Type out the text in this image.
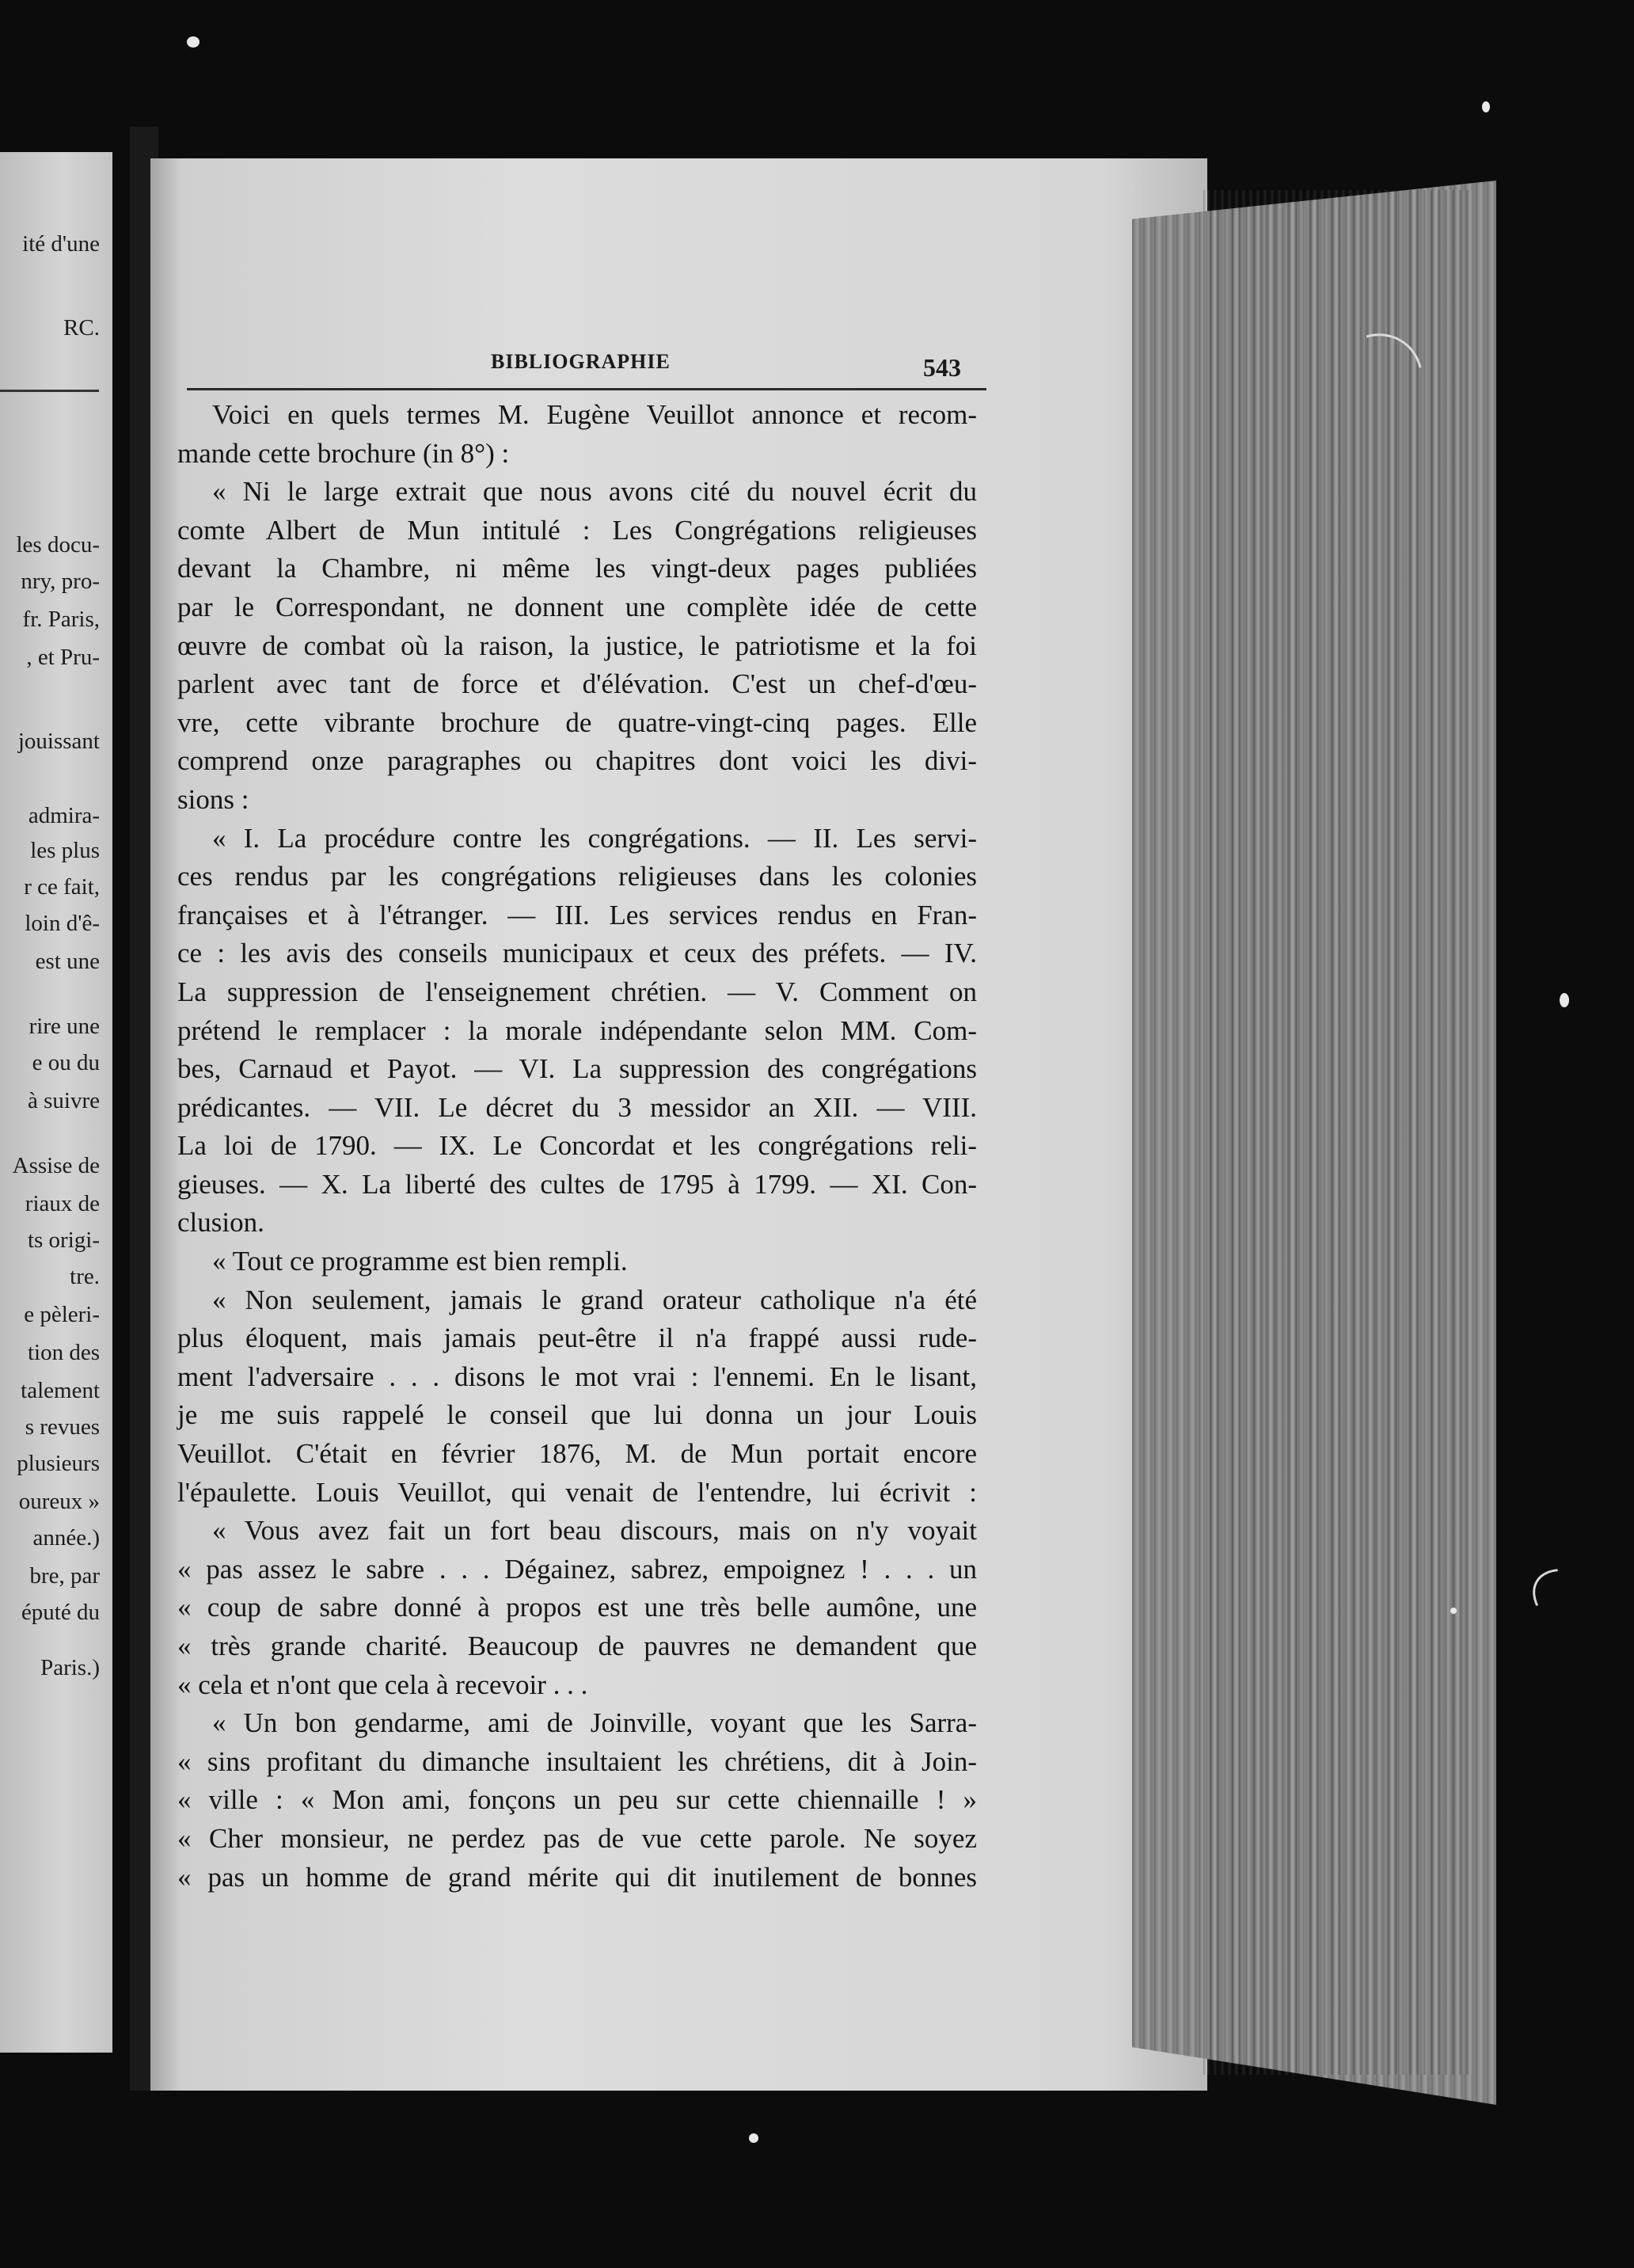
ité d'une
RC.
les docu-
nry, pro-
fr. Paris,
, et Pru-
jouissant
admira-
les plus
r ce fait,
loin d'ê-
est une
rire une
e ou du
à suivre
Assise de
riaux de
ts origi-
tre.
e pèleri-
tion des
talement
s revues
plusieurs
oureux »
année.)
bre, par
éputé du
Paris.)
BIBLIOGRAPHIE	543
Voici en quels termes M. Eugène Veuillot annonce et recom-
mande cette brochure (in 8°) :
« Ni le large extrait que nous avons cité du nouvel écrit du
comte Albert de Mun intitulé : Les Congrégations religieuses
devant la Chambre, ni même les vingt-deux pages publiées
par le Correspondant, ne donnent une complète idée de cette
œuvre de combat où la raison, la justice, le patriotisme et la foi
parlent avec tant de force et d'élévation. C'est un chef-d'œu-
vre, cette vibrante brochure de quatre-vingt-cinq pages. Elle
comprend onze paragraphes ou chapitres dont voici les divi-
sions :
« I. La procédure contre les congrégations. — II. Les servi-
ces rendus par les congrégations religieuses dans les colonies
françaises et à l'étranger. — III. Les services rendus en Fran-
ce : les avis des conseils municipaux et ceux des préfets. — IV.
La suppression de l'enseignement chrétien. — V. Comment on
prétend le remplacer : la morale indépendante selon MM. Com-
bes, Carnaud et Payot. — VI. La suppression des congrégations
prédicantes. — VII. Le décret du 3 messidor an XII. — VIII.
La loi de 1790. — IX. Le Concordat et les congrégations reli-
gieuses. — X. La liberté des cultes de 1795 à 1799. — XI. Con-
clusion.
« Tout ce programme est bien rempli.
« Non seulement, jamais le grand orateur catholique n'a été
plus éloquent, mais jamais peut-être il n'a frappé aussi rude-
ment l'adversaire . . . disons le mot vrai : l'ennemi. En le lisant,
je me suis rappelé le conseil que lui donna un jour Louis
Veuillot. C'était en février 1876, M. de Mun portait encore
l'épaulette. Louis Veuillot, qui venait de l'entendre, lui écrivit :
« Vous avez fait un fort beau discours, mais on n'y voyait
« pas assez le sabre . . . Dégainez, sabrez, empoignez ! . . . un
« coup de sabre donné à propos est une très belle aumône, une
« très grande charité. Beaucoup de pauvres ne demandent que
« cela et n'ont que cela à recevoir . . .
« Un bon gendarme, ami de Joinville, voyant que les Sarra-
« sins profitant du dimanche insultaient les chrétiens, dit à Join-
« ville : « Mon ami, fonçons un peu sur cette chiennaille ! »
« Cher monsieur, ne perdez pas de vue cette parole. Ne soyez
« pas un homme de grand mérite qui dit inutilement de bonnes
